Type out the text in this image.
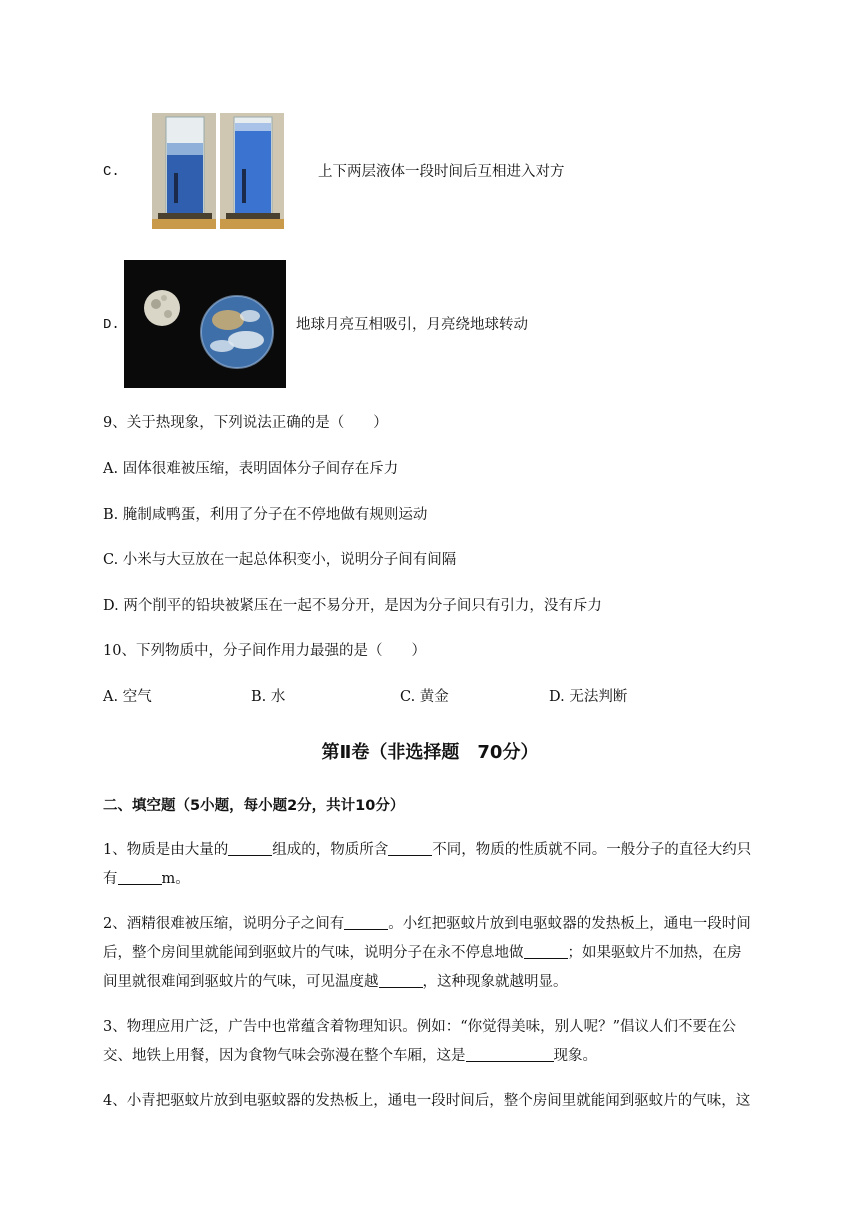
C.	上下两层液体一段时间后互相进入对方
D.	地球月亮互相吸引，月亮绕地球转动
9、关于热现象，下列说法正确的是（　　）
A. 固体很难被压缩，表明固体分子间存在斥力
B. 腌制咸鸭蛋，利用了分子在不停地做有规则运动
C. 小米与大豆放在一起总体积变小，说明分子间有间隔
D. 两个削平的铅块被紧压在一起不易分开，是因为分子间只有引力，没有斥力
10、下列物质中，分子间作用力最强的是（　　）
A. 空气	B. 水	C. 黄金	D. 无法判断
第Ⅱ卷（非选择题　70分）
二、填空题（5小题，每小题2分，共计10分）
1、物质是由大量的	组成的，物质所含	不同，物质的性质就不同。一般分子的直径大约只
有	m。
2、酒精很难被压缩，说明分子之间有	。小红把驱蚊片放到电驱蚊器的发热板上，通电一段时间
后，整个房间里就能闻到驱蚊片的气味，说明分子在永不停息地做	；如果驱蚊片不加热，在房
间里就很难闻到驱蚊片的气味，可见温度越	，这种现象就越明显。
3、物理应用广泛，广告中也常蕴含着物理知识。例如：“你觉得美味，别人呢？”倡议人们不要在公
交、地铁上用餐，因为食物气味会弥漫在整个车厢，这是	现象。
4、小青把驱蚊片放到电驱蚊器的发热板上，通电一段时间后，整个房间里就能闻到驱蚊片的气味，这
